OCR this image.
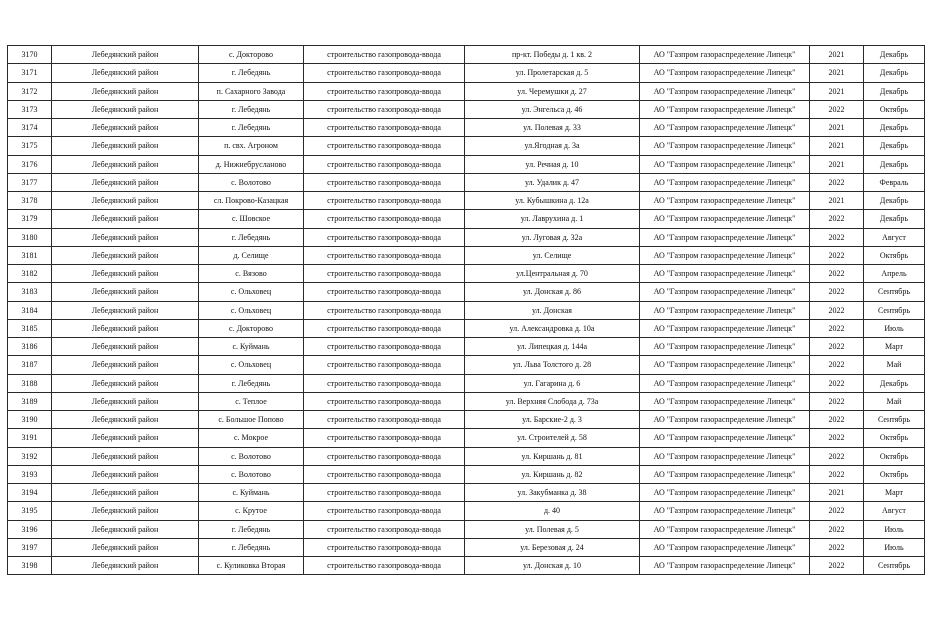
3170	Лебедянский район	с. Доктopoво	строительство газопровода-ввода	пр-кт. Победы д. 1 кв. 2	АО "Газпром газораспределение Липецк"	2021	Декабрь
3171	Лебедянский район	г. Лебедянь	строительство газопровода-ввода	ул. Пролетарская д. 5	АО "Газпром газораспределение Липецк"	2021	Декабрь
3172	Лебедянский район	п. Сахарного Завода	строительство газопровода-ввода	ул. Черемушки д. 27	АО "Газпром газораспределение Липецк"	2021	Декабрь
3173	Лебедянский район	г. Лебедянь	строительство газопровода-ввода	ул. Энгельса д. 46	АО "Газпром газораспределение Липецк"	2022	Октябрь
3174	Лебедянский район	г. Лебедянь	строительство газопровода-ввода	ул. Полевая д. 33	АО "Газпром газораспределение Липецк"	2021	Декабрь
3175	Лебедянский район	п. свх. Агроном	строительство газопровода-ввода	ул.Ягодная д. 3а	АО "Газпром газораспределение Липецк"	2021	Декабрь
3176	Лебедянский район	д. Нижнебруслановo	строительство газопровода-ввода	ул. Речная д. 10	АО "Газпром газораспределение Липецк"	2021	Декабрь
3177	Лебедянский район	с. Волотово	строительство газопровода-ввода	ул. Удалик д. 47	АО "Газпром газораспределение Липецк"	2022	Февраль
3178	Лебедянский район	сл. Покрово-Казацкая	строительство газопровода-ввода	ул. Кубышкина д. 12а	АО "Газпром газораспределение Липецк"	2021	Декабрь
3179	Лебедянский район	с. Шовское	строительство газопровода-ввода	ул. Лаврухина д. 1	АО "Газпром газораспределение Липецк"	2022	Декабрь
3180	Лебедянский район	г. Лебедянь	строительство газопровода-ввода	ул. Луговая д. 32а	АО "Газпром газораспределение Липецк"	2022	Август
3181	Лебедянский район	д. Селище	строительство газопровода-ввода	ул. Селище	АО "Газпром газораспределение Липецк"	2022	Октябрь
3182	Лебедянский район	с. Вязово	строительство газопровода-ввода	ул.Центральная д. 70	АО "Газпром газораспределение Липецк"	2022	Апрель
3183	Лебедянский район	с. Ольховец	строительство газопровода-ввода	ул. Донская д. 86	АО "Газпром газораспределение Липецк"	2022	Сентябрь
3184	Лебедянский район	с. Ольховец	строительство газопровода-ввода	ул. Донская	АО "Газпром газораспределение Липецк"	2022	Сентябрь
3185	Лебедянский район	с. Докторово	строительство газопровода-ввода	ул. Александровка д. 10а	АО "Газпром газораспределение Липецк"	2022	Июль
3186	Лебедянский район	с. Куймань	строительство газопровода-ввода	ул. Липецкая д. 144а	АО "Газпром газораспределение Липецк"	2022	Март
3187	Лебедянский район	с. Ольховец	строительство газопровода-ввода	ул. Льва Толстого д. 28	АО "Газпром газораспределение Липецк"	2022	Май
3188	Лебедянский район	г. Лебедянь	строительство газопровода-ввода	ул. Гагарина д. 6	АО "Газпром газораспределение Липецк"	2022	Декабрь
3189	Лебедянский район	с. Теплое	строительство газопровода-ввода	ул. Верхняя Слобода д. 73а	АО "Газпром газораспределение Липецк"	2022	Май
3190	Лебедянский район	с. Большое Попово	строительство газопровода-ввода	ул. Барские-2 д. 3	АО "Газпром газораспределение Липецк"	2022	Сентябрь
3191	Лебедянский район	с. Мокрое	строительство газопровода-ввода	ул. Строителей д. 58	АО "Газпром газораспределение Липецк"	2022	Октябрь
3192	Лебедянский район	с. Волотово	строительство газопровода-ввода	ул. Киршань д. 81	АО "Газпром газораспределение Липецк"	2022	Октябрь
3193	Лебедянский район	с. Волотово	строительство газопровода-ввода	ул. Киршань д. 82	АО "Газпром газораспределение Липецк"	2022	Октябрь
3194	Лебедянский район	с. Куймань	строительство газопровода-ввода	ул. Закубманка д. 38	АО "Газпром газораспределение Липецк"	2021	Март
3195	Лебедянский район	с. Крутое	строительство газопровода-ввода	д. 40	АО "Газпром газораспределение Липецк"	2022	Август
3196	Лебедянский район	г. Лебедянь	строительство газопровода-ввода	ул. Полевая д. 5	АО "Газпром газораспределение Липецк"	2022	Июль
3197	Лебедянский район	г. Лебедянь	строительство газопровода-ввода	ул. Березовая д. 24	АО "Газпром газораспределение Липецк"	2022	Июль
3198	Лебедянский район	с. Куликовка Вторая	строительство газопровода-ввода	ул. Донская д. 10	АО "Газпром газораспределение Липецк"	2022	Сентябрь
